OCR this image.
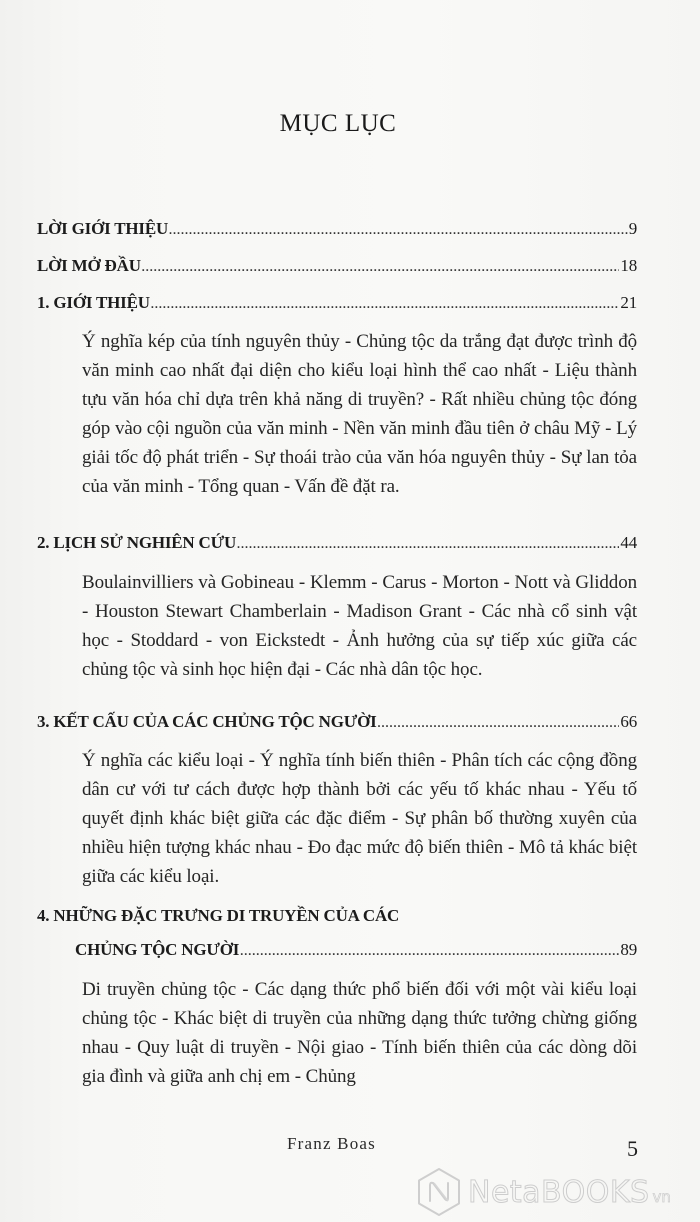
MỤC LỤC
LỜI GIỚI THIỆU .....	9
LỜI MỞ ĐẦU .....	18
1. GIỚI THIỆU .....	21

Ý nghĩa kép của tính nguyên thủy - Chủng tộc da trắng đạt được trình độ văn minh cao nhất đại diện cho kiểu loại hình thể cao nhất - Liệu thành tựu văn hóa chỉ dựa trên khả năng di truyền? - Rất nhiều chủng tộc đóng góp vào cội nguồn của văn minh - Nền văn minh đầu tiên ở châu Mỹ - Lý giải tốc độ phát triển - Sự thoái trào của văn hóa nguyên thủy - Sự lan tỏa của văn minh - Tổng quan - Vấn đề đặt ra.

2. LỊCH SỬ NGHIÊN CỨU .....	44

Boulainvilliers và Gobineau - Klemm - Carus - Morton - Nott và Gliddon - Houston Stewart Chamberlain - Madison Grant - Các nhà cổ sinh vật học - Stoddard - von Eickstedt - Ảnh hưởng của sự tiếp xúc giữa các chủng tộc và sinh học hiện đại - Các nhà dân tộc học.

3. KẾT CẤU CỦA CÁC CHỦNG TỘC NGƯỜI .....	66

Ý nghĩa các kiểu loại - Ý nghĩa tính biến thiên - Phân tích các cộng đồng dân cư với tư cách được hợp thành bởi các yếu tố khác nhau - Yếu tố quyết định khác biệt giữa các đặc điểm - Sự phân bố thường xuyên của nhiều hiện tượng khác nhau - Đo đạc mức độ biến thiên - Mô tả khác biệt giữa các kiểu loại.

4. NHỮNG ĐẶC TRƯNG DI TRUYỀN CỦA CÁC
CHỦNG TỘC NGƯỜI .....	89

Di truyền chủng tộc - Các dạng thức phổ biến đối với một vài kiểu loại chủng tộc - Khác biệt di truyền của những dạng thức tưởng chừng giống nhau - Quy luật di truyền - Nội giao - Tính biến thiên của các dòng dõi gia đình và giữa anh chị em - Chủng

Franz Boas	5
NetaBOOKS vn
